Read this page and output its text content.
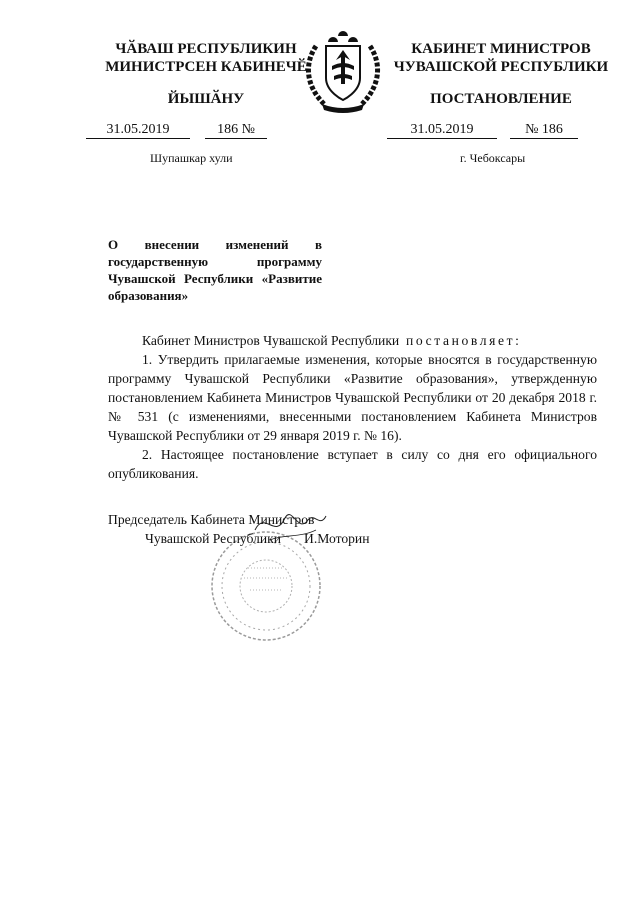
ЧӐВАШ РЕСПУБЛИКИН
МИНИСТРСЕН КАБИНЕЧӖ
ЙЫШӐНУ
31.05.2019	186 №
Шупашкар хули
КАБИНЕТ МИНИСТРОВ
ЧУВАШСКОЙ РЕСПУБЛИКИ
ПОСТАНОВЛЕНИЕ
31.05.2019	№ 186
г. Чебоксары
О внесении изменений в государственную программу Чувашской Республики «Развитие образования»

Кабинет Министров Чувашской Республики постановляет:

1. Утвердить прилагаемые изменения, которые вносятся в государственную программу Чувашской Республики «Развитие образования», утвержденную постановлением Кабинета Министров Чувашской Республики от 20 декабря 2018 г. № 531 (с изменениями, внесенными постановлением Кабинета Министров Чувашской Республики от 29 января 2019 г. № 16).

2. Настоящее постановление вступает в силу со дня его официального опубликования.

Председатель Кабинета Министров
Чувашской Республики И.Моторин
